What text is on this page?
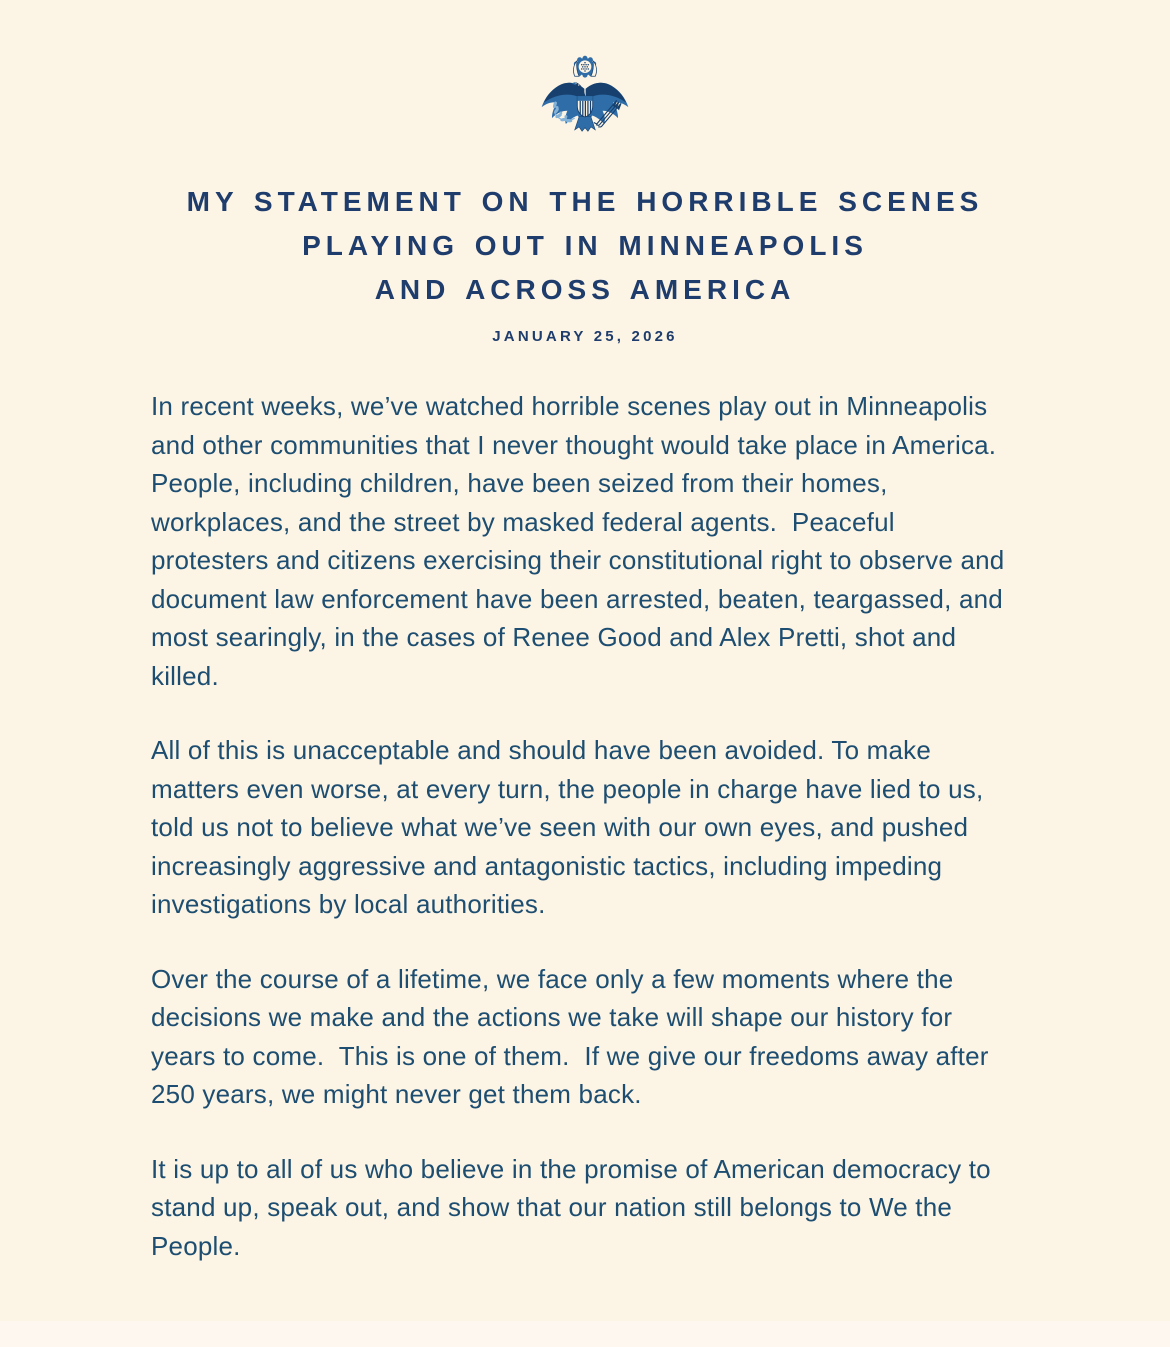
MY STATEMENT ON THE HORRIBLE SCENES
PLAYING OUT IN MINNEAPOLIS
AND ACROSS AMERICA
JANUARY 25, 2026

In recent weeks, we’ve watched horrible scenes play out in Minneapolis and other communities that I never thought would take place in America.  People, including children, have been seized from their homes, workplaces, and the street by masked federal agents.  Peaceful protesters and citizens exercising their constitutional right to observe and document law enforcement have been arrested, beaten, teargassed, and most searingly, in the cases of Renee Good and Alex Pretti, shot and killed.

All of this is unacceptable and should have been avoided. To make matters even worse, at every turn, the people in charge have lied to us, told us not to believe what we’ve seen with our own eyes, and pushed increasingly aggressive and antagonistic tactics, including impeding investigations by local authorities.

Over the course of a lifetime, we face only a few moments where the decisions we make and the actions we take will shape our history for years to come.  This is one of them.  If we give our freedoms away after 250 years, we might never get them back.

It is up to all of us who believe in the promise of American democracy to stand up, speak out, and show that our nation still belongs to We the People.
